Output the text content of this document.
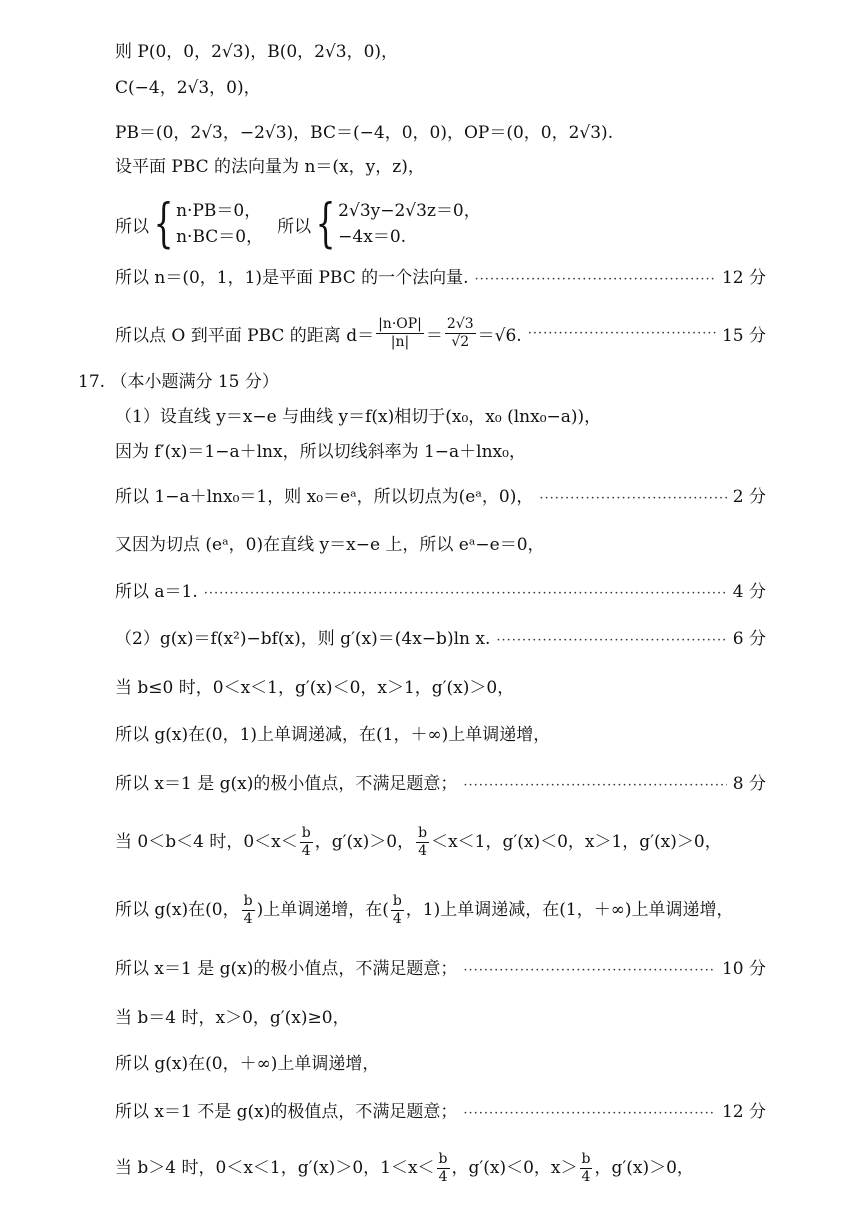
则 P(0，0，2√3)，B(0，2√3，0)，
C(−4，2√3，0)，
PB＝(0，2√3，−2√3)，BC＝(−4，0，0)，OP＝(0，0，2√3).
设平面 PBC 的法向量为 n＝(x，y，z)，
所以 { n·PB＝0，
n·BC＝0，
所以 { 2√3y−2√3z＝0，
−4x＝0.
所以 n＝(0，1，1)是平面 PBC 的一个法向量. ·····	12 分
所以点 O 到平面 PBC 的距离 $d= \frac{|n\cdot OP|}{|n|} = \frac{2√3}{√2} =√6$. ·····	15 分
17. （本小题满分 15 分）
（1）设直线 y＝x−e 与曲线 y＝f(x)相切于(x₀，x₀ (lnx₀−a))，
因为 f′(x)＝1−a＋lnx，所以切线斜率为 1−a＋lnx₀，
所以 1−a＋lnx₀＝1，则 x₀＝eᵃ，所以切点为(eᵃ，0)， ·····	2 分
又因为切点 (eᵃ，0)在直线 y＝x−e 上，所以 eᵃ−e＝0，
所以 a＝1. ·····	4 分
（2）g(x)＝f(x²)−bf(x)，则 g′(x)＝(4x−b)ln x. ·····	6 分
当 b≤0 时，0＜x＜1，g′(x)＜0，x＞1，g′(x)＞0，
所以 g(x)在(0，1)上单调递减，在(1，＋∞)上单调递增，
所以 x＝1 是 g(x)的极小值点，不满足题意； ·····	8 分
当 0＜b＜4 时，$0<x< \frac{b}{4}$ ，g′(x)＞0， $\frac{b}{4} <x<1$，g′(x)＜0，x＞1，g′(x)＞0，
所以 g(x)在(0， $\frac{b}{4}$ )上单调递增，在( $\frac{b}{4}$ ，1)上单调递减，在(1，＋∞)上单调递增，
所以 x＝1 是 g(x)的极小值点，不满足题意； ·····	10 分
当 b＝4 时，x＞0，g′(x)≥0，
所以 g(x)在(0，＋∞)上单调递增，
所以 x＝1 不是 g(x)的极值点，不满足题意； ·····	12 分
当 b＞4 时，0＜x＜1，g′(x)＞0，$1<x< \frac{b}{4}$ ，g′(x)＜0，$x> \frac{b}{4}$ ，g′(x)＞0，
